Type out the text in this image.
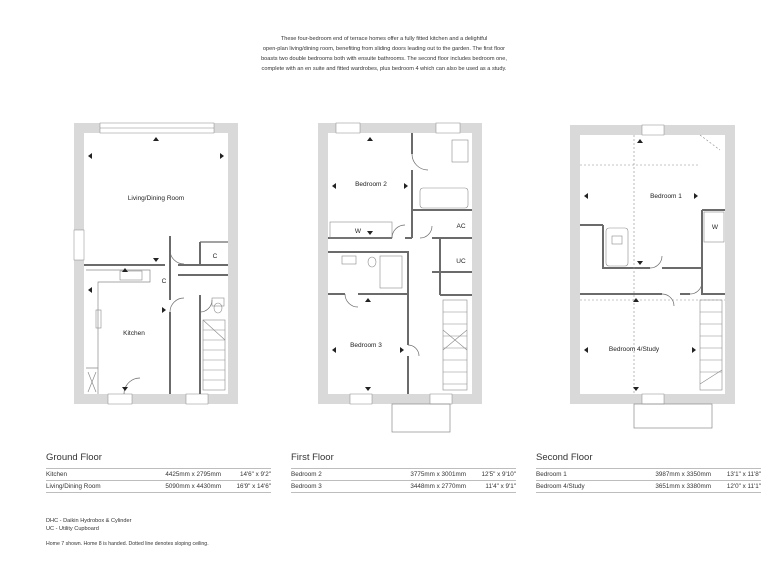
These four-bedroom end of terrace homes offer a fully fitted kitchen and a delightful
open-plan living/dining room, benefiting from sliding doors leading out to the garden. The first floor
boasts two double bedrooms both with ensuite bathrooms. The second floor includes bedroom one,
complete with an en suite and fitted wardrobes, plus bedroom 4 which can also be used as a study.
Living/Dining Room
C
C
Kitchen
Bedroom 2
W
AC
UC
Bedroom 3
Bedroom 1
W
Bedroom 4/Study
Ground Floor
Kitchen	4425mm x 2795mm	14'6" x 9'2"
Living/Dining Room	5090mm x 4430mm	16'9" x 14'6"
First Floor
Bedroom 2	3775mm x 3001mm	12'5" x 9'10"
Bedroom 3	3448mm x 2770mm	11'4" x 9'1"
Second Floor
Bedroom 1	3987mm x 3350mm	13'1" x 11'8"
Bedroom 4/Study	3651mm x 3380mm	12'0" x 11'1"
DHC - Daikin Hydrobox & Cylinder
UC - Utility Cupboard
Home 7 shown. Home 8 is handed. Dotted line denotes sloping ceiling.
